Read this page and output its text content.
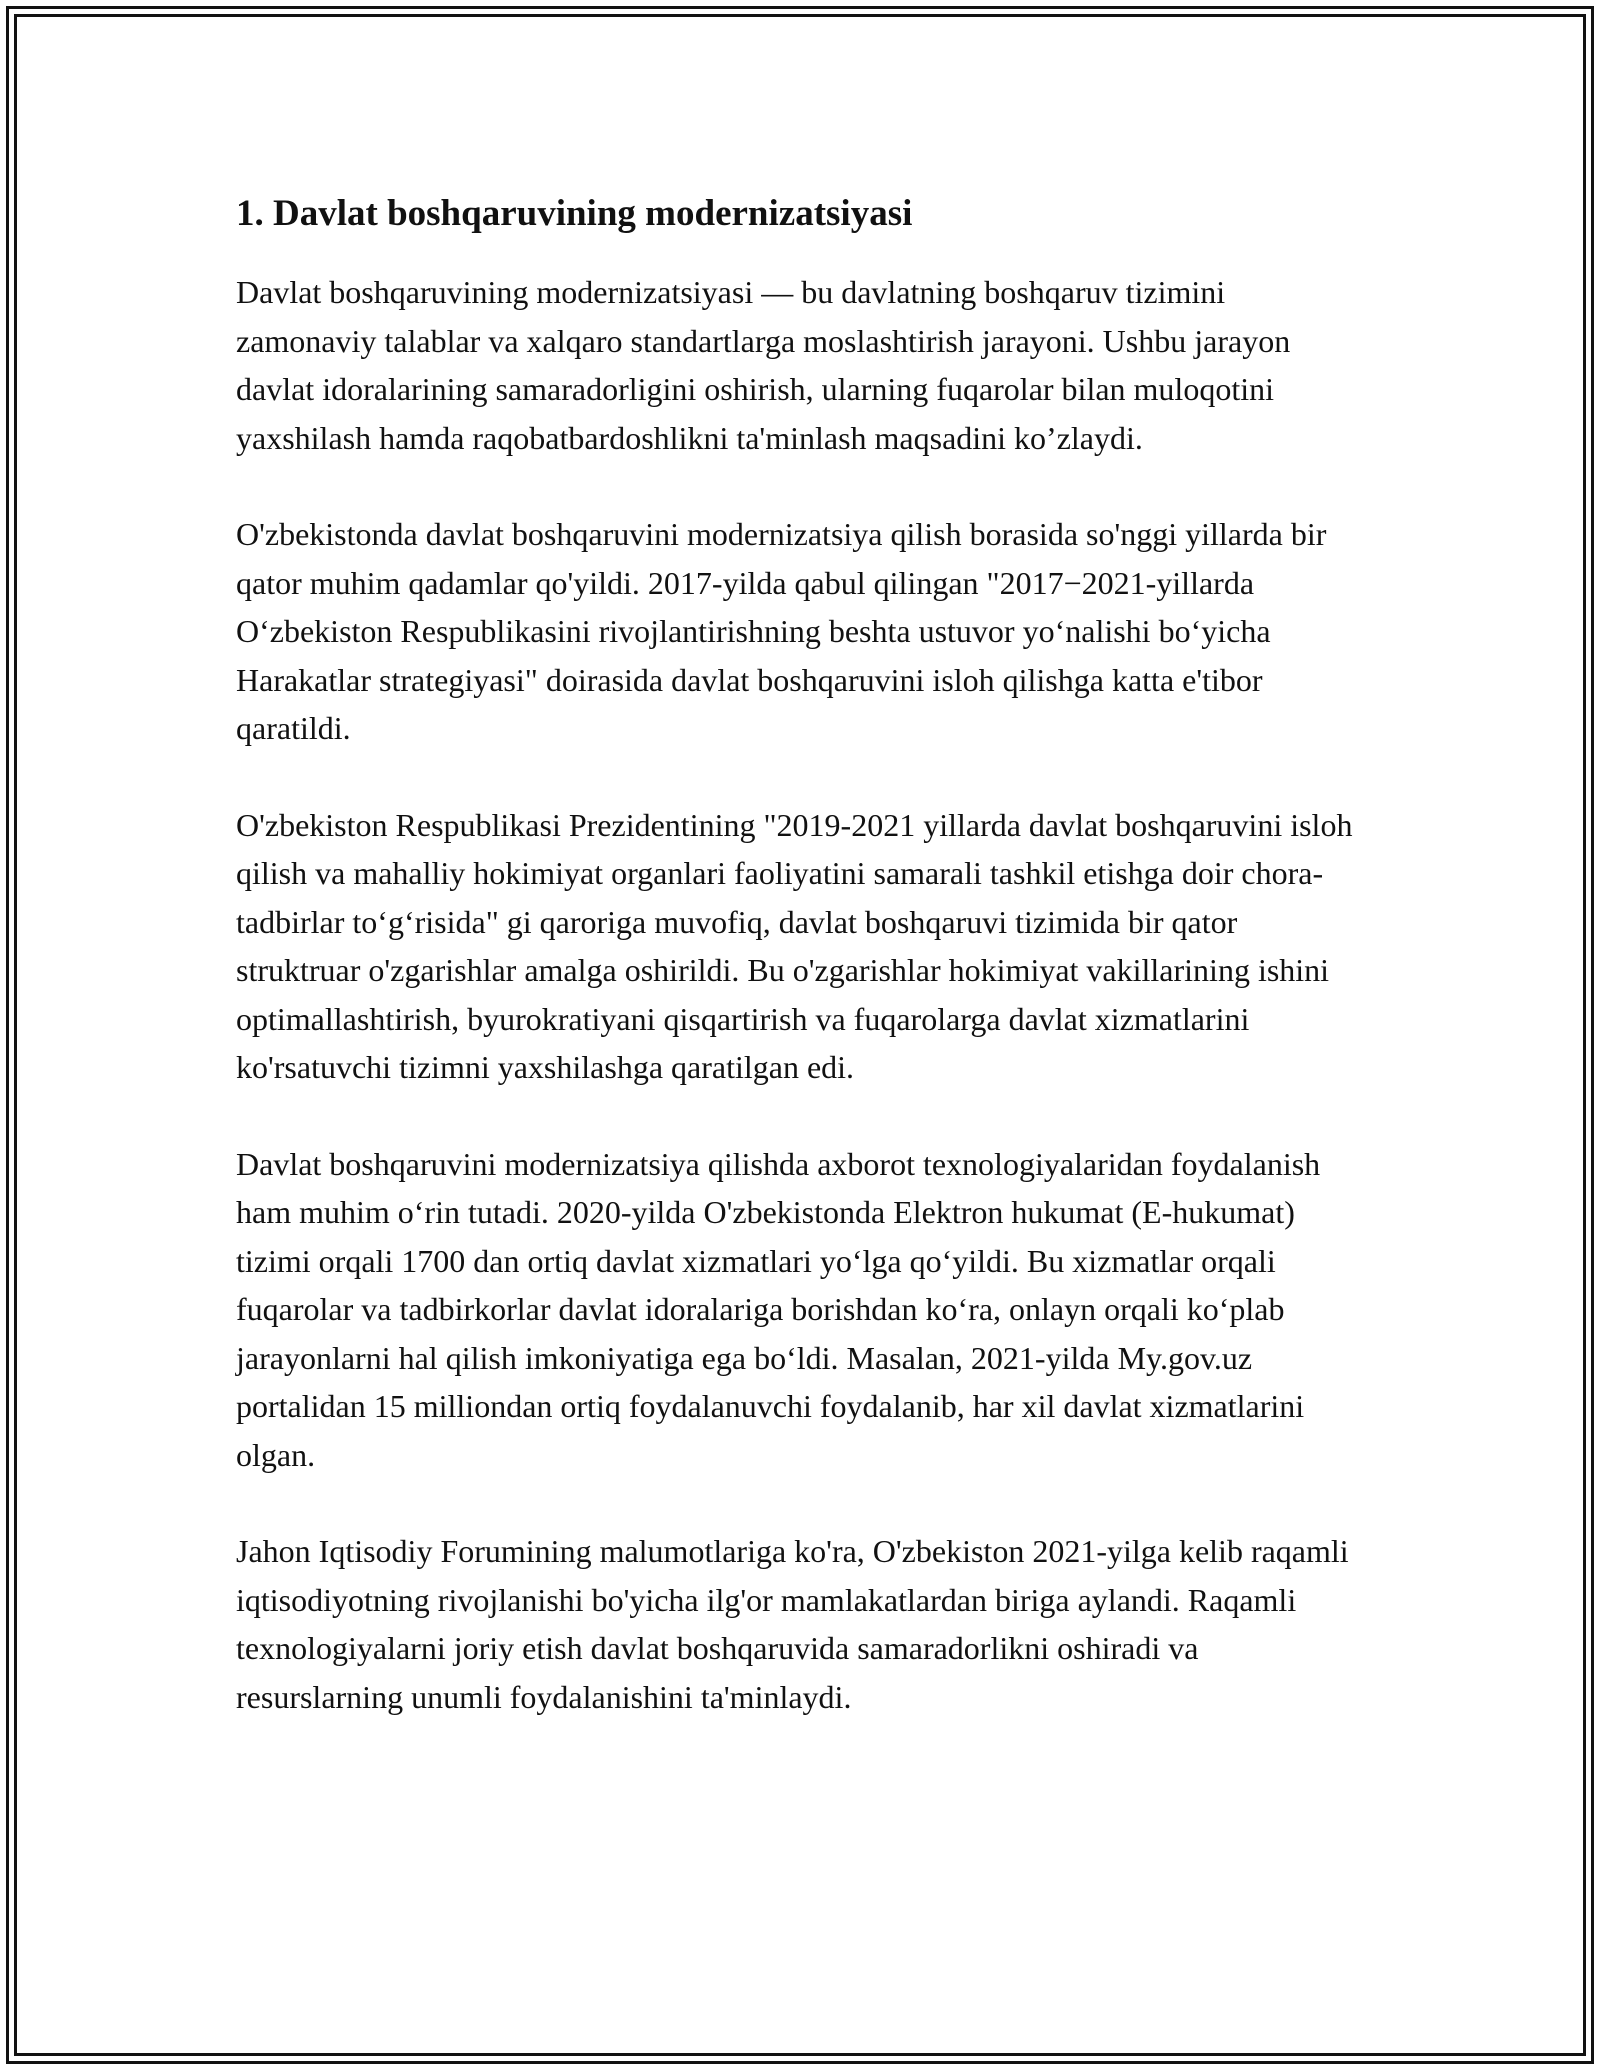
1. Davlat boshqaruvining modernizatsiyasi

Davlat boshqaruvining modernizatsiyasi — bu davlatning boshqaruv tizimini zamonaviy talablar va xalqaro standartlarga moslashtirish jarayoni. Ushbu jarayon davlat idoralarining samaradorligini oshirish, ularning fuqarolar bilan muloqotini yaxshilash hamda raqobatbardoshlikni ta'minlash maqsadini ko’zlaydi.

O'zbekistonda davlat boshqaruvini modernizatsiya qilish borasida so'nggi yillarda bir qator muhim qadamlar qo'yildi. 2017-yilda qabul qilingan "2017−2021-yillarda O‘zbekiston Respublikasini rivojlantirishning beshta ustuvor yo‘nalishi bo‘yicha Harakatlar strategiyasi" doirasida davlat boshqaruvini isloh qilishga katta e'tibor qaratildi.

O'zbekiston Respublikasi Prezidentining "2019-2021 yillarda davlat boshqaruvini isloh qilish va mahalliy hokimiyat organlari faoliyatini samarali tashkil etishga doir chora-tadbirlar to‘g‘risida" gi qaroriga muvofiq, davlat boshqaruvi tizimida bir qator struktruar o'zgarishlar amalga oshirildi. Bu o'zgarishlar hokimiyat vakillarining ishini optimallashtirish, byurokratiyani qisqartirish va fuqarolarga davlat xizmatlarini ko'rsatuvchi tizimni yaxshilashga qaratilgan edi.

Davlat boshqaruvini modernizatsiya qilishda axborot texnologiyalaridan foydalanish ham muhim o‘rin tutadi. 2020-yilda O'zbekistonda Elektron hukumat (E-hukumat) tizimi orqali 1700 dan ortiq davlat xizmatlari yo‘lga qo‘yildi. Bu xizmatlar orqali fuqarolar va tadbirkorlar davlat idoralariga borishdan ko‘ra, onlayn orqali ko‘plab jarayonlarni hal qilish imkoniyatiga ega bo‘ldi. Masalan, 2021-yilda My.gov.uz portalidan 15 milliondan ortiq foydalanuvchi foydalanib, har xil davlat xizmatlarini olgan.

Jahon Iqtisodiy Forumining malumotlariga ko'ra, O'zbekiston 2021-yilga kelib raqamli iqtisodiyotning rivojlanishi bo'yicha ilg'or mamlakatlardan biriga aylandi. Raqamli texnologiyalarni joriy etish davlat boshqaruvida samaradorlikni oshiradi va resurslarning unumli foydalanishini ta'minlaydi.
